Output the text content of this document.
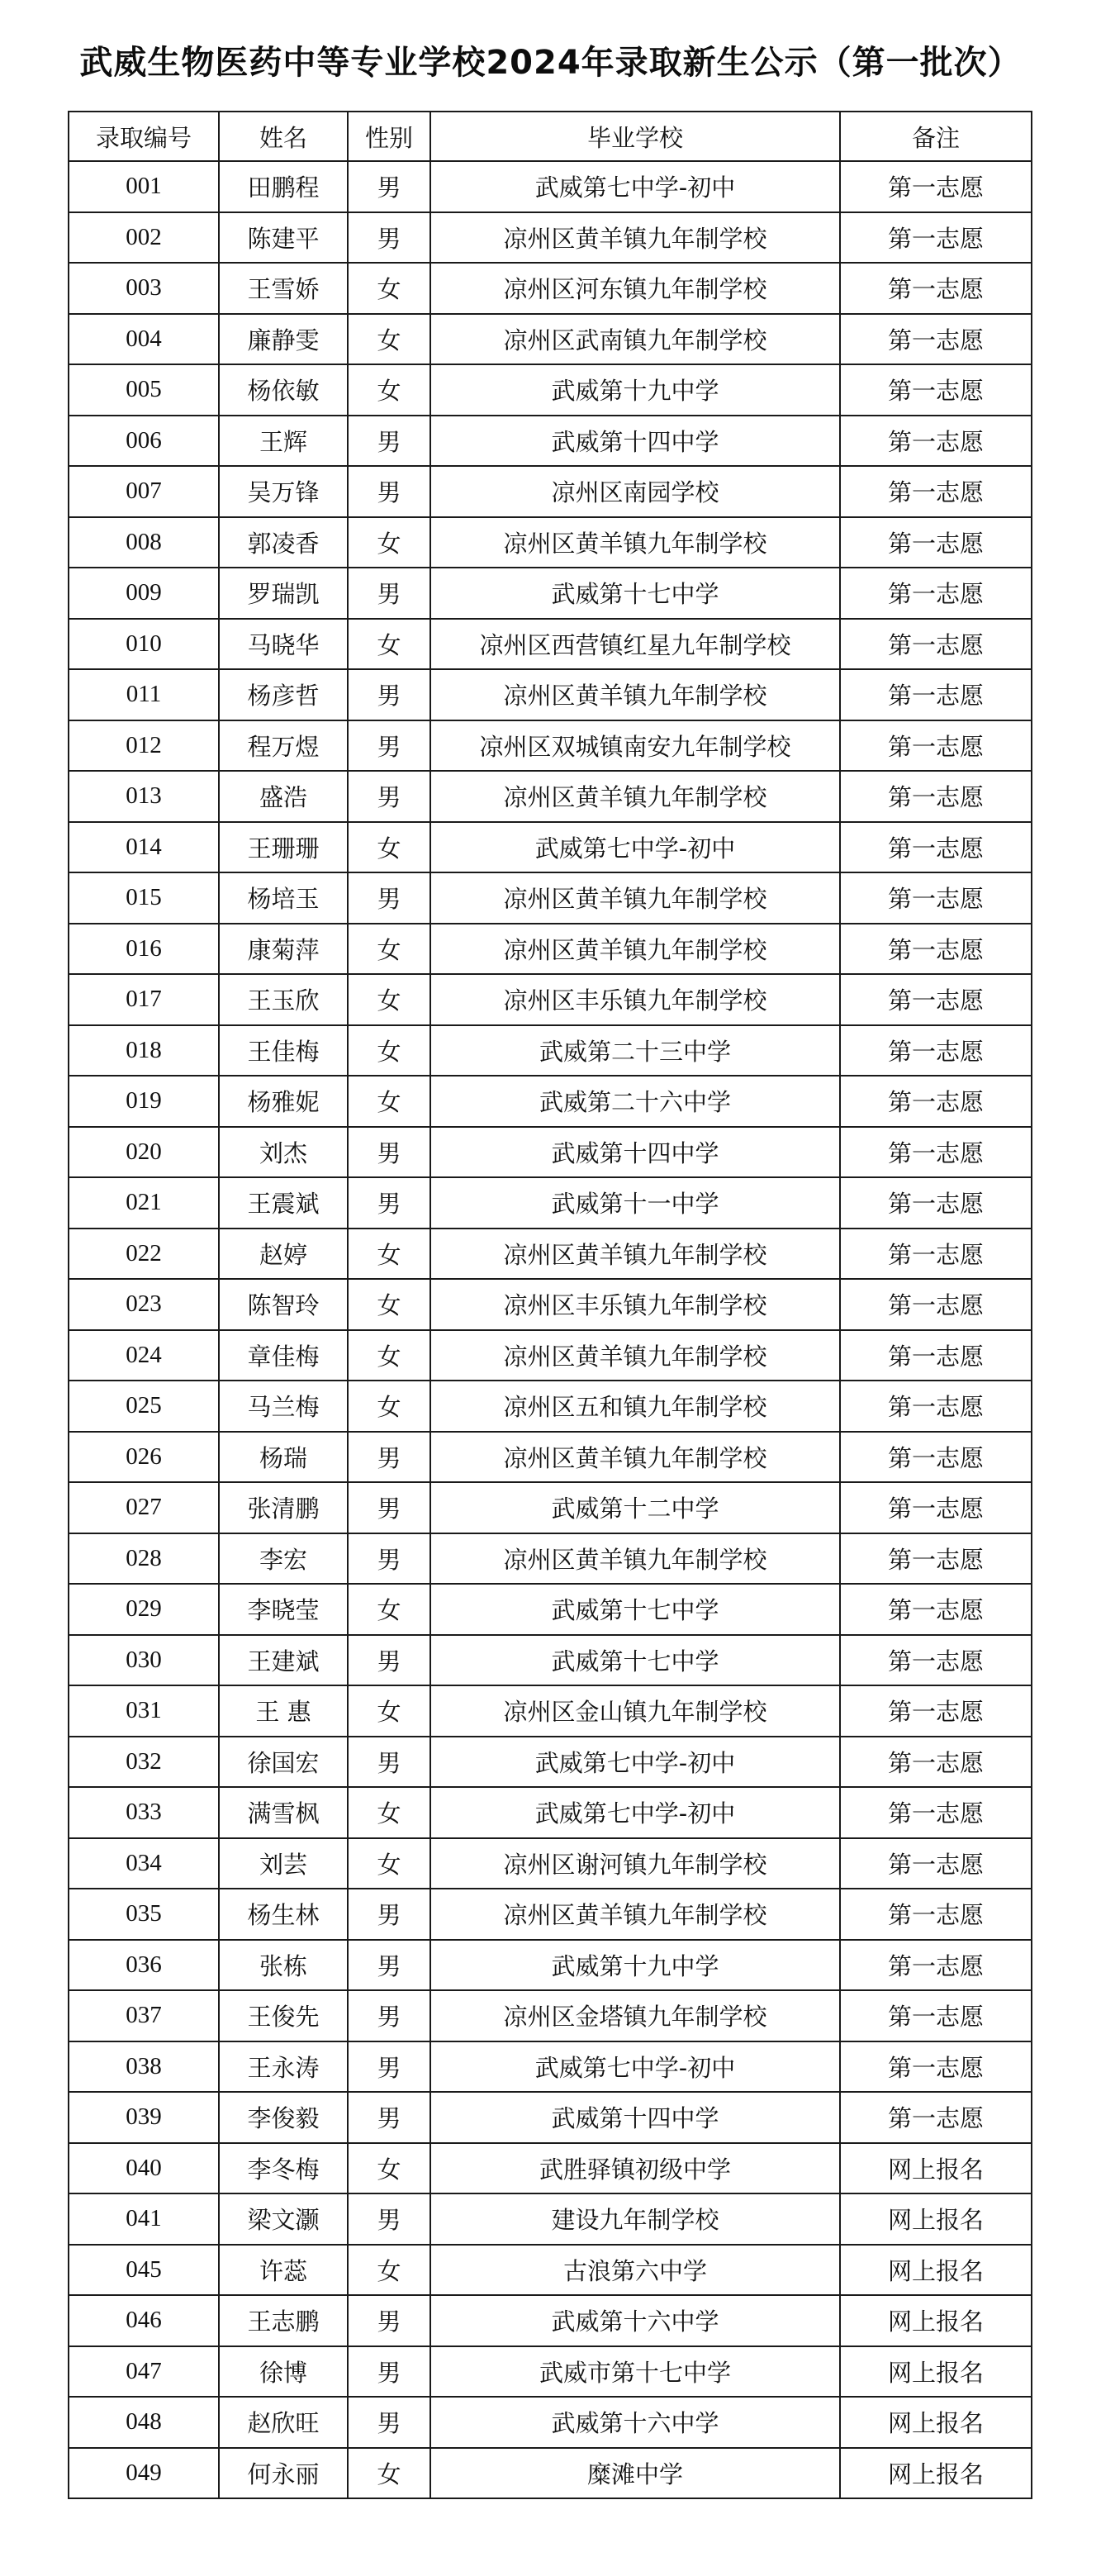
武威生物医药中等专业学校2024年录取新生公示（第一批次）
录取编号	姓名	性别	毕业学校	备注
001	田鹏程	男	武威第七中学-初中	第一志愿
002	陈建平	男	凉州区黄羊镇九年制学校	第一志愿
003	王雪娇	女	凉州区河东镇九年制学校	第一志愿
004	廉静雯	女	凉州区武南镇九年制学校	第一志愿
005	杨依敏	女	武威第十九中学	第一志愿
006	王辉	男	武威第十四中学	第一志愿
007	吴万锋	男	凉州区南园学校	第一志愿
008	郭凌香	女	凉州区黄羊镇九年制学校	第一志愿
009	罗瑞凯	男	武威第十七中学	第一志愿
010	马晓华	女	凉州区西营镇红星九年制学校	第一志愿
011	杨彦哲	男	凉州区黄羊镇九年制学校	第一志愿
012	程万煜	男	凉州区双城镇南安九年制学校	第一志愿
013	盛浩	男	凉州区黄羊镇九年制学校	第一志愿
014	王珊珊	女	武威第七中学-初中	第一志愿
015	杨培玉	男	凉州区黄羊镇九年制学校	第一志愿
016	康菊萍	女	凉州区黄羊镇九年制学校	第一志愿
017	王玉欣	女	凉州区丰乐镇九年制学校	第一志愿
018	王佳梅	女	武威第二十三中学	第一志愿
019	杨雅妮	女	武威第二十六中学	第一志愿
020	刘杰	男	武威第十四中学	第一志愿
021	王震斌	男	武威第十一中学	第一志愿
022	赵婷	女	凉州区黄羊镇九年制学校	第一志愿
023	陈智玲	女	凉州区丰乐镇九年制学校	第一志愿
024	章佳梅	女	凉州区黄羊镇九年制学校	第一志愿
025	马兰梅	女	凉州区五和镇九年制学校	第一志愿
026	杨瑞	男	凉州区黄羊镇九年制学校	第一志愿
027	张清鹏	男	武威第十二中学	第一志愿
028	李宏	男	凉州区黄羊镇九年制学校	第一志愿
029	李晓莹	女	武威第十七中学	第一志愿
030	王建斌	男	武威第十七中学	第一志愿
031	王 惠	女	凉州区金山镇九年制学校	第一志愿
032	徐国宏	男	武威第七中学-初中	第一志愿
033	满雪枫	女	武威第七中学-初中	第一志愿
034	刘芸	女	凉州区谢河镇九年制学校	第一志愿
035	杨生林	男	凉州区黄羊镇九年制学校	第一志愿
036	张栋	男	武威第十九中学	第一志愿
037	王俊先	男	凉州区金塔镇九年制学校	第一志愿
038	王永涛	男	武威第七中学-初中	第一志愿
039	李俊毅	男	武威第十四中学	第一志愿
040	李冬梅	女	武胜驿镇初级中学	网上报名
041	梁文灏	男	建设九年制学校	网上报名
045	许蕊	女	古浪第六中学	网上报名
046	王志鹏	男	武威第十六中学	网上报名
047	徐博	男	武威市第十七中学	网上报名
048	赵欣旺	男	武威第十六中学	网上报名
049	何永丽	女	糜滩中学	网上报名
